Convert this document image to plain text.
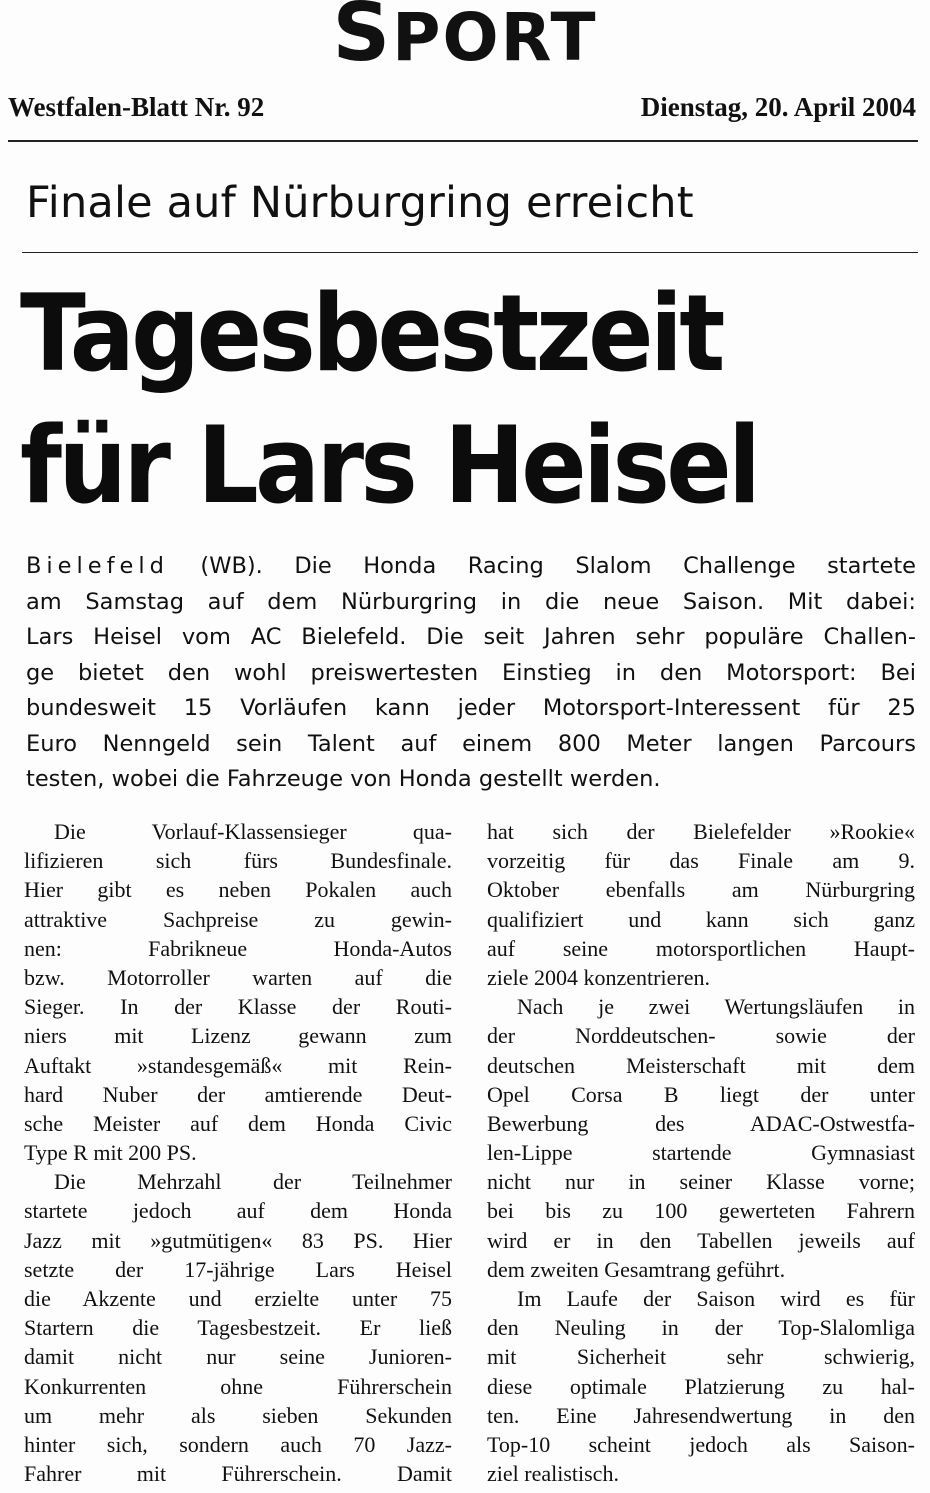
SPORT
Westfalen-Blatt Nr. 92	Dienstag, 20. April 2004
Finale auf Nürburgring erreicht
Tagesbestzeit
für Lars Heisel
Bielefeld (WB). Die Honda Racing Slalom Challenge startete
am Samstag auf dem Nürburgring in die neue Saison. Mit dabei:
Lars Heisel vom AC Bielefeld. Die seit Jahren sehr populäre Challen-
ge bietet den wohl preiswertesten Einstieg in den Motorsport: Bei
bundesweit 15 Vorläufen kann jeder Motorsport-Interessent für 25
Euro Nenngeld sein Talent auf einem 800 Meter langen Parcours
testen, wobei die Fahrzeuge von Honda gestellt werden.
Die Vorlauf-Klassensieger qua-
lifizieren sich fürs Bundesfinale.
Hier gibt es neben Pokalen auch
attraktive Sachpreise zu gewin-
nen: Fabrikneue Honda-Autos
bzw. Motorroller warten auf die
Sieger. In der Klasse der Routi-
niers mit Lizenz gewann zum
Auftakt »standesgemäß« mit Rein-
hard Nuber der amtierende Deut-
sche Meister auf dem Honda Civic
Type R mit 200 PS.
Die Mehrzahl der Teilnehmer
startete jedoch auf dem Honda
Jazz mit »gutmütigen« 83 PS. Hier
setzte der 17-jährige Lars Heisel
die Akzente und erzielte unter 75
Startern die Tagesbestzeit. Er ließ
damit nicht nur seine Junioren-
Konkurrenten ohne Führerschein
um mehr als sieben Sekunden
hinter sich, sondern auch 70 Jazz-
Fahrer mit Führerschein. Damit
hat sich der Bielefelder »Rookie«
vorzeitig für das Finale am 9.
Oktober ebenfalls am Nürburgring
qualifiziert und kann sich ganz
auf seine motorsportlichen Haupt-
ziele 2004 konzentrieren.
Nach je zwei Wertungsläufen in
der Norddeutschen- sowie der
deutschen Meisterschaft mit dem
Opel Corsa B liegt der unter
Bewerbung des ADAC-Ostwestfa-
len-Lippe startende Gymnasiast
nicht nur in seiner Klasse vorne;
bei bis zu 100 gewerteten Fahrern
wird er in den Tabellen jeweils auf
dem zweiten Gesamtrang geführt.
Im Laufe der Saison wird es für
den Neuling in der Top-Slalomliga
mit Sicherheit sehr schwierig,
diese optimale Platzierung zu hal-
ten. Eine Jahresendwertung in den
Top-10 scheint jedoch als Saison-
ziel realistisch.
